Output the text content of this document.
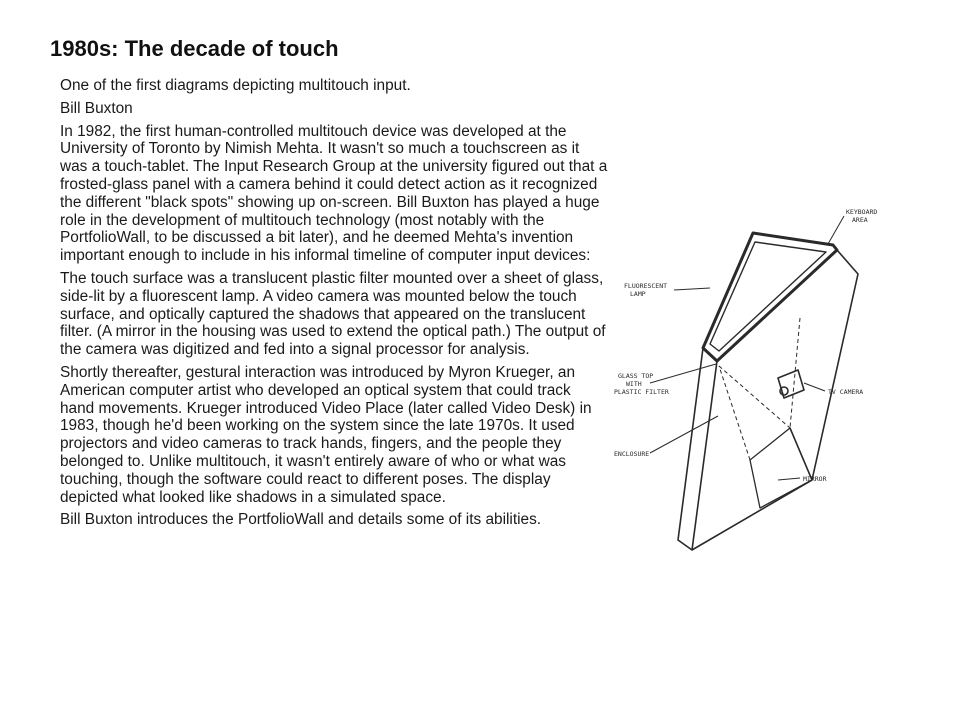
1980s: The decade of touch

One of the first diagrams depicting multitouch input.

Bill Buxton

In 1982, the first human-controlled multitouch device was developed at the University of Toronto by Nimish Mehta. It wasn't so much a touchscreen as it was a touch-tablet. The Input Research Group at the university figured out that a frosted-glass panel with a camera behind it could detect action as it recognized the different "black spots" showing up on-screen. Bill Buxton has played a huge role in the development of multitouch technology (most notably with the PortfolioWall, to be discussed a bit later), and he deemed Mehta's invention important enough to include in his informal timeline of computer input devices:

The touch surface was a translucent plastic filter mounted over a sheet of glass, side-lit by a fluorescent lamp. A video camera was mounted below the touch surface, and optically captured the shadows that appeared on the translucent filter. (A mirror in the housing was used to extend the optical path.) The output of the camera was digitized and fed into a signal processor for analysis.

Shortly thereafter, gestural interaction was introduced by Myron Krueger, an American computer artist who developed an optical system that could track hand movements. Krueger introduced Video Place (later called Video Desk) in 1983, though he'd been working on the system since the late 1970s. It used projectors and video cameras to track hands, fingers, and the people they belonged to. Unlike multitouch, it wasn't entirely aware of who or what was touching, though the software could react to different poses. The display depicted what looked like shadows in a simulated space.

Bill Buxton introduces the PortfolioWall and details some of its abilities.

KEYBOARD
AREA
FLUORESCENT
LAMP
GLASS TOP
WITH
PLASTIC FILTER	TV CAMERA
ENCLOSURE
MIRROR
